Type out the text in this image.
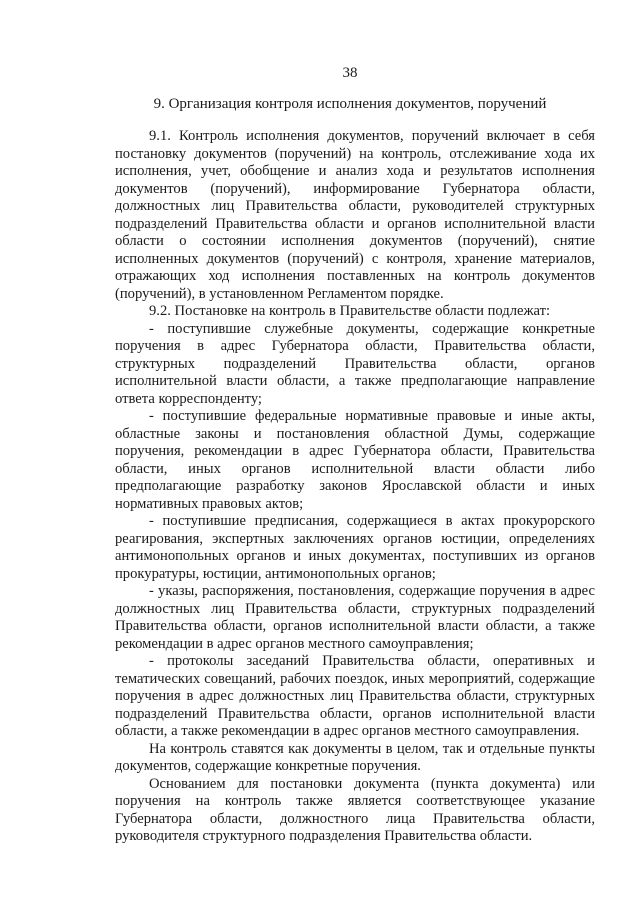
38
9. Организация контроля исполнения документов, поручений

9.1. Контроль исполнения документов, поручений включает в себя постановку документов (поручений) на контроль, отслеживание хода их исполнения, учет, обобщение и анализ хода и результатов исполнения документов (поручений), информирование Губернатора области, должностных лиц Правительства области, руководителей структурных подразделений Правительства области и органов исполнительной власти области о состоянии исполнения документов (поручений), снятие исполненных документов (поручений) с контроля, хранение материалов, отражающих ход исполнения поставленных на контроль документов (поручений), в установленном Регламентом порядке.

9.2. Постановке на контроль в Правительстве области подлежат:

- поступившие служебные документы, содержащие конкретные поручения в адрес Губернатора области, Правительства области, структурных подразделений Правительства области, органов исполнительной власти области, а также предполагающие направление ответа корреспонденту;

- поступившие федеральные нормативные правовые и иные акты, областные законы и постановления областной Думы, содержащие поручения, рекомендации в адрес Губернатора области, Правительства области, иных органов исполнительной власти области либо предполагающие разработку законов Ярославской области и иных нормативных правовых актов;

- поступившие предписания, содержащиеся в актах прокурорского реагирования, экспертных заключениях органов юстиции, определениях антимонопольных органов и иных документах, поступивших из органов прокуратуры, юстиции, антимонопольных органов;

- указы, распоряжения, постановления, содержащие поручения в адрес должностных лиц Правительства области, структурных подразделений Правительства области, органов исполнительной власти области, а также рекомендации в адрес органов местного самоуправления;

- протоколы заседаний Правительства области, оперативных и тематических совещаний, рабочих поездок, иных мероприятий, содержащие поручения в адрес должностных лиц Правительства области, структурных подразделений Правительства области, органов исполнительной власти области, а также рекомендации в адрес органов местного самоуправления.

На контроль ставятся как документы в целом, так и отдельные пункты документов, содержащие конкретные поручения.

Основанием для постановки документа (пункта документа) или поручения на контроль также является соответствующее указание Губернатора области, должностного лица Правительства области, руководителя структурного подразделения Правительства области.
